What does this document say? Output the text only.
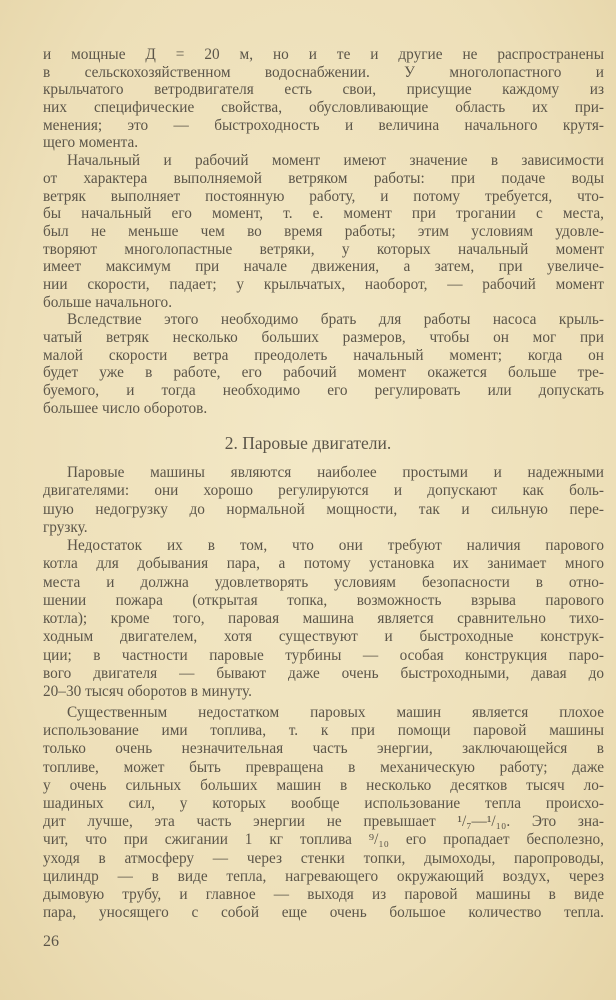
и мощные Д = 20 м, но и те и другие не распространены
в сельскохозяйственном водоснабжении. У многолопастного и
крыльчатого ветродвигателя есть свои, присущие каждому из
них специфические свойства, обусловливающие область их при-
менения; это — быстроходность и величина начального крутя-
щего момента.
Начальный и рабочий момент имеют значение в зависимости
от характера выполняемой ветряком работы: при подаче воды
ветряк выполняет постоянную работу, и потому требуется, что-
бы начальный его момент, т. е. момент при трогании с места,
был не меньше чем во время работы; этим условиям удовле-
творяют многолопастные ветряки, у которых начальный момент
имеет максимум при начале движения, а затем, при увеличе-
нии скорости, падает; у крыльчатых, наоборот, — рабочий момент
больше начального.
Вследствие этого необходимо брать для работы насоса крыль-
чатый ветряк несколько больших размеров, чтобы он мог при
малой скорости ветра преодолеть начальный момент; когда он
будет уже в работе, его рабочий момент окажется больше тре-
буемого, и тогда необходимо его регулировать или допускать
большее число оборотов.
2. Паровые двигатели.
Паровые машины являются наиболее простыми и надежными
двигателями: они хорошо регулируются и допускают как боль-
шую недогрузку до нормальной мощности, так и сильную пере-
грузку.
Недостаток их в том, что они требуют наличия парового
котла для добывания пара, а потому установка их занимает много
места и должна удовлетворять условиям безопасности в отно-
шении пожара (открытая топка, возможность взрыва парового
котла); кроме того, паровая машина является сравнительно тихо-
ходным двигателем, хотя существуют и быстроходные конструк-
ции; в частности паровые турбины — особая конструкция паро-
вого двигателя — бывают даже очень быстроходными, давая до
20–30 тысяч оборотов в минуту.
Существенным недостатком паровых машин является плохое
использование ими топлива, т. к при помощи паровой машины
только очень незначительная часть энергии, заключающейся в
топливе, может быть превращена в механическую работу; даже
у очень сильных больших машин в несколько десятков тысяч ло-
шадиных сил, у которых вообще использование тепла происхо-
дит лучше, эта часть энергии не превышает ¹/₇—¹/₁₀. Это зна-
чит, что при сжигании 1 кг топлива ⁹/₁₀ его пропадает бесполезно,
уходя в атмосферу — через стенки топки, дымоходы, паропроводы,
цилиндр — в виде тепла, нагревающего окружающий воздух, через
дымовую трубу, и главное — выходя из паровой машины в виде
пара, уносящего с собой еще очень большое количество тепла.
26
